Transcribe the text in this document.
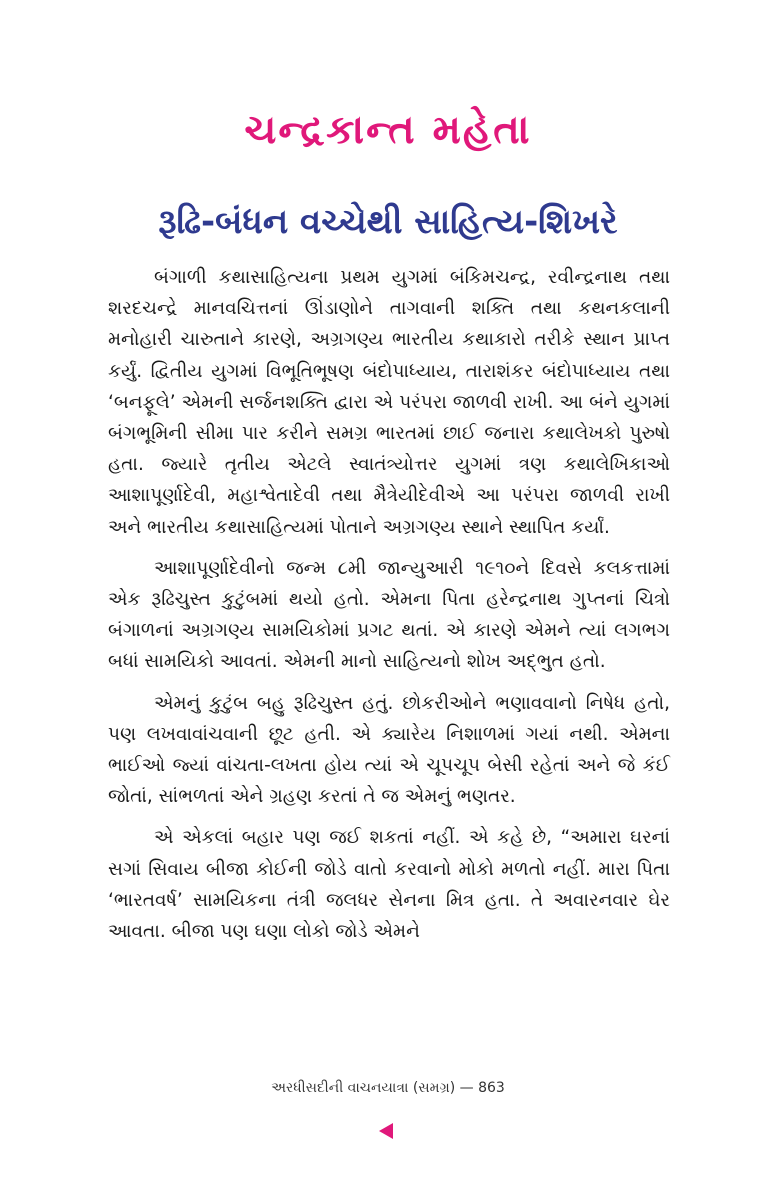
ચન્દ્રકાન્ત મહેતા
રૂઢિ-બંધન વચ્ચેથી સાહિત્ય-શિખરે

બંગાળી કથાસાહિત્યના પ્રથમ યુગમાં બંકિમચન્દ્ર, રવીન્દ્રનાથ તથા શરદચન્દ્રે માનવચિત્તનાં ઊંડાણોને તાગવાની શક્તિ તથા કથનકલાની મનોહારી ચારુતાને કારણે, અગ્રગણ્ય ભારતીય કથાકારો તરીકે સ્થાન પ્રાપ્ત કર્યું. દ્વિતીય યુગમાં વિભૂતિભૂષણ બંદોપાધ્યાય, તારાશંકર બંદોપાધ્યાય તથા ‘બનફૂલે’ એમની સર્જનશક્તિ દ્વારા એ પરંપરા જાળવી રાખી. આ બંને યુગમાં બંગભૂમિની સીમા પાર કરીને સમગ્ર ભારતમાં છાઈ જનારા કથાલેખકો પુરુષો હતા. જ્યારે તૃતીય એટલે સ્વાતંત્ર્યોત્તર યુગમાં ત્રણ કથાલેખિકાઓ આશાપૂર્ણાદેવી, મહાશ્વેતાદેવી તથા મૈત્રેયીદેવીએ આ પરંપરા જાળવી રાખી અને ભારતીય કથાસાહિત્યમાં પોતાને અગ્રગણ્ય સ્થાને સ્થાપિત કર્યાં.

આશાપૂર્ણાદેવીનો જન્મ ૮મી જાન્યુઆરી ૧૯૧૦ને દિવસે કલકત્તામાં એક રૂઢિચુસ્ત કુટુંબમાં થયો હતો. એમના પિતા હરેન્દ્રનાથ ગુપ્તનાં ચિત્રો બંગાળનાં અગ્રગણ્ય સામયિકોમાં પ્રગટ થતાં. એ કારણે એમને ત્યાં લગભગ બધાં સામયિકો આવતાં. એમની માનો સાહિત્યનો શોખ અદ્ભુત હતો.

એમનું કુટુંબ બહુ રૂઢિચુસ્ત હતું. છોકરીઓને ભણાવવાનો નિષેધ હતો, પણ લખવાવાંચવાની છૂટ હતી. એ ક્યારેય નિશાળમાં ગયાં નથી. એમના ભાઈઓ જ્યાં વાંચતા-લખતા હોય ત્યાં એ ચૂપચૂપ બેસી રહેતાં અને જે કંઈ જોતાં, સાંભળતાં એને ગ્રહણ કરતાં તે જ એમનું ભણતર.

એ એકલાં બહાર પણ જઈ શકતાં નહીં. એ કહે છે, “અમારા ઘરનાં સગાં સિવાય બીજા કોઈની જોડે વાતો કરવાનો મોકો મળતો નહીં. મારા પિતા ‘ભારતવર્ષ’ સામયિકના તંત્રી જલધર સેનના મિત્ર હતા. તે અવારનવાર ઘેર આવતા. બીજા પણ ઘણા લોકો જોડે એમને

અરધીસદીની વાચનયાત્રા (સમગ્ર) — 863
